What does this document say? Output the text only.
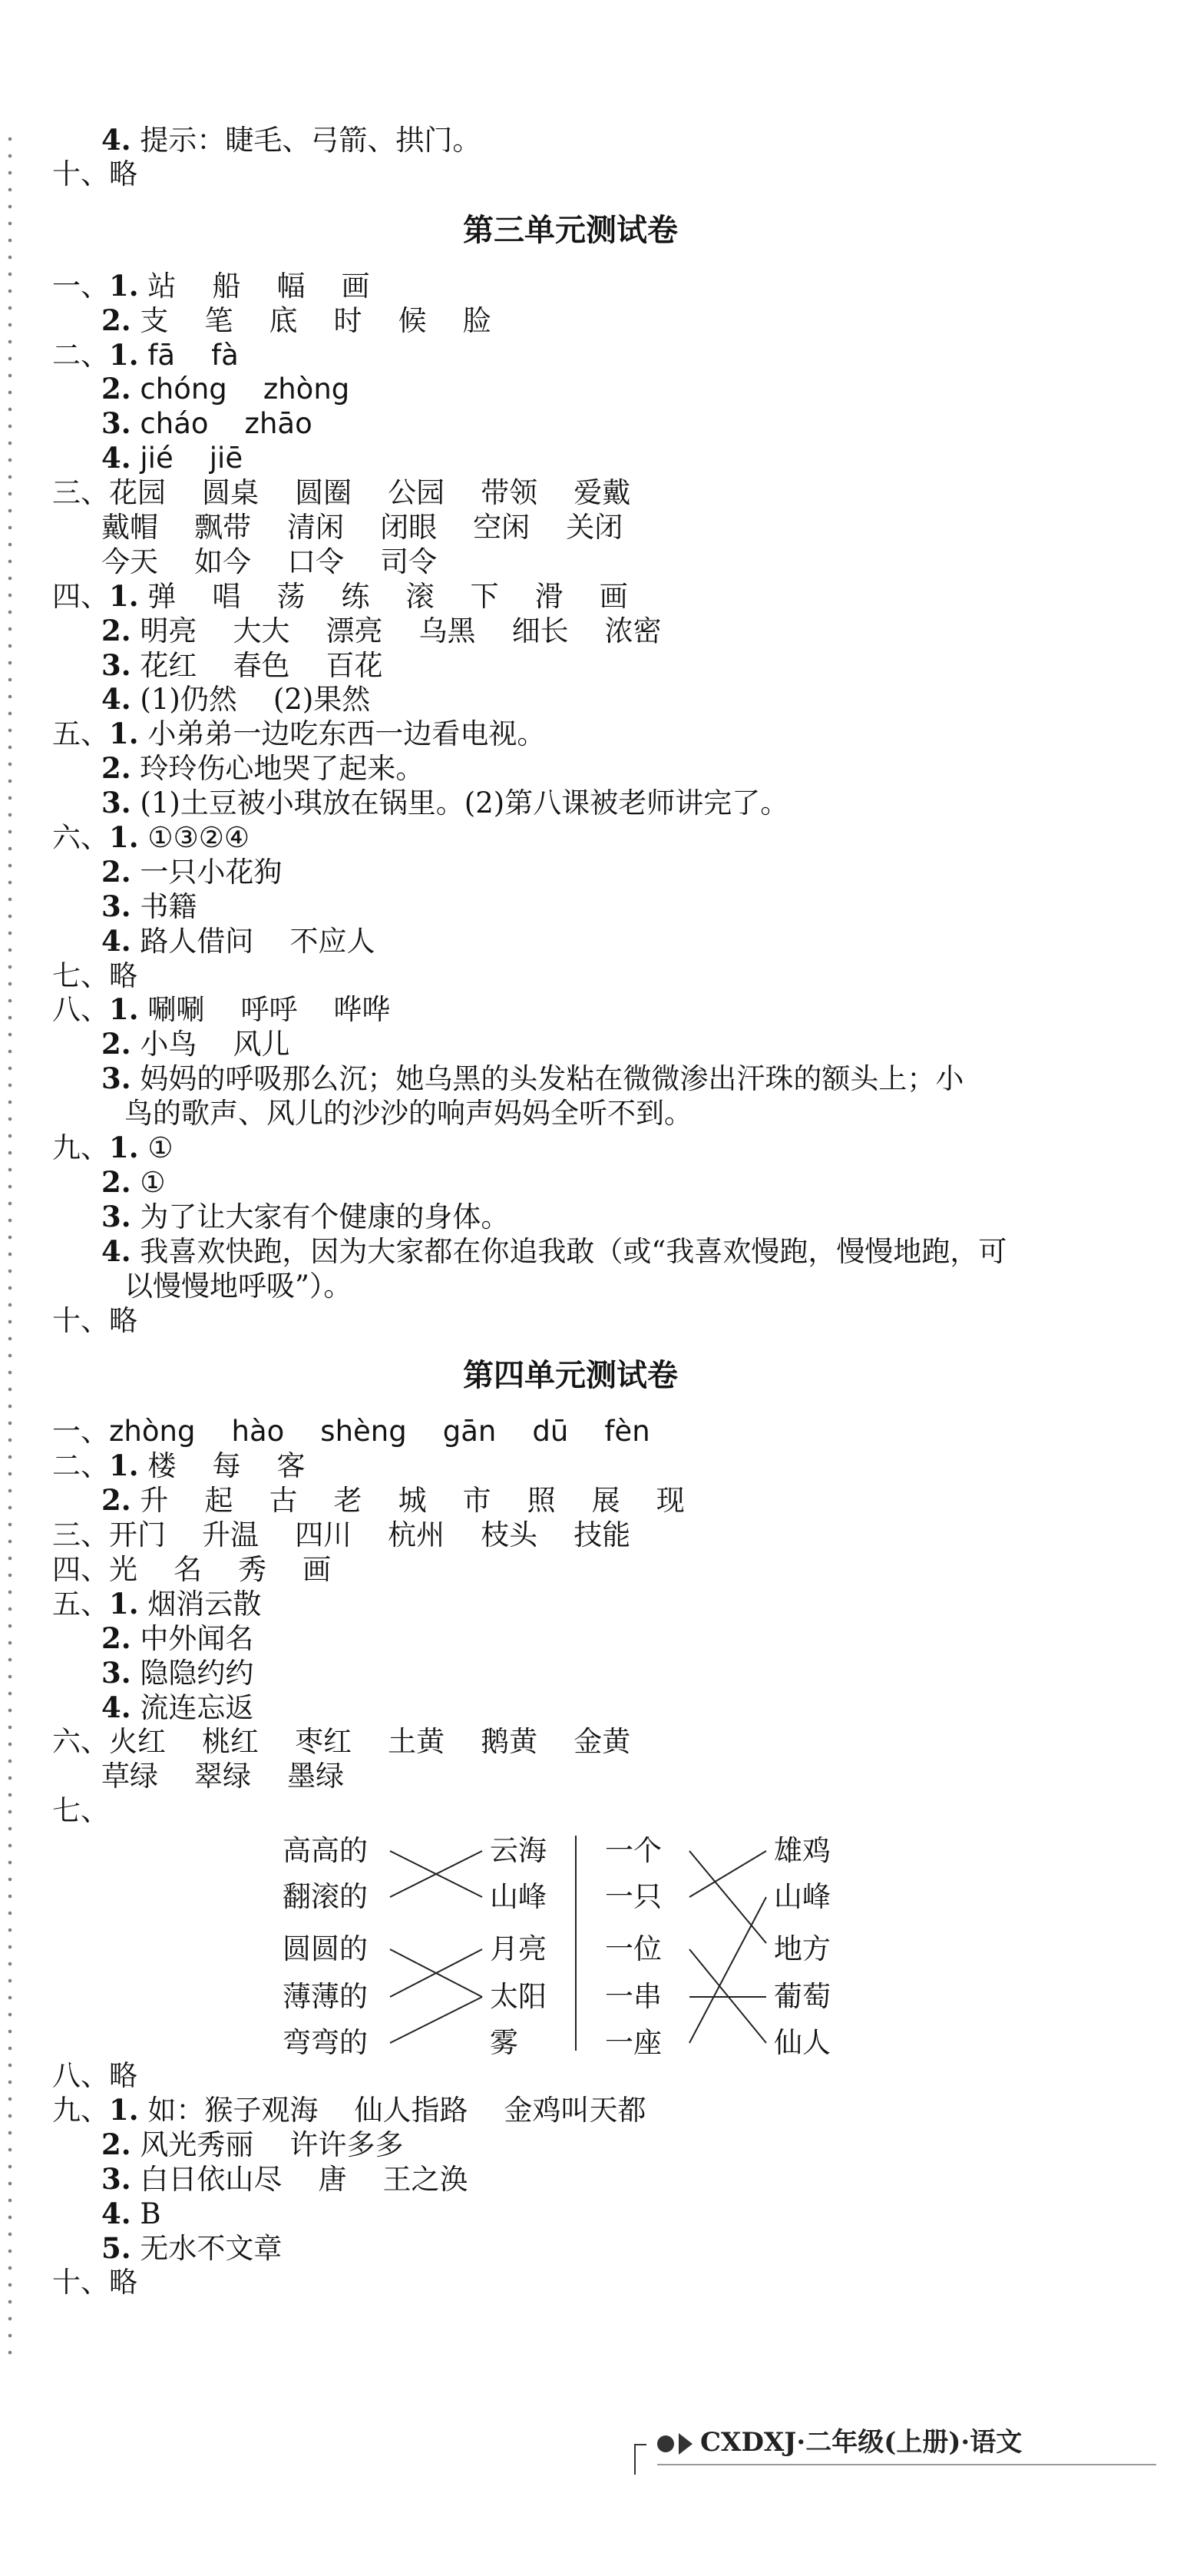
4. 提示：睫毛、弓箭、拱门。
十、略
第三单元测试卷
一、1. 站    船    幅    画
2. 支    笔    底    时    候    脸
二、1. fā    fà
2. chóng    zhòng
3. cháo    zhāo
4. jié    jiē
三、花园    圆桌    圆圈    公园    带领    爱戴
戴帽    飘带    清闲    闭眼    空闲    关闭
今天    如今    口令    司令
四、1. 弹    唱    荡    练    滚    下    滑    画
2. 明亮    大大    漂亮    乌黑    细长    浓密
3. 花红    春色    百花
4. (1)仍然    (2)果然
五、1. 小弟弟一边吃东西一边看电视。
2. 玲玲伤心地哭了起来。
3. (1)土豆被小琪放在锅里。(2)第八课被老师讲完了。
六、1. ①③②④
2. 一只小花狗
3. 书籍
4. 路人借问    不应人
七、略
八、1. 唰唰    呼呼    哗哗
2. 小鸟    风儿
3. 妈妈的呼吸那么沉；她乌黑的头发粘在微微渗出汗珠的额头上；小
鸟的歌声、风儿的沙沙的响声妈妈全听不到。
九、1. ①
2. ①
3. 为了让大家有个健康的身体。
4. 我喜欢快跑，因为大家都在你追我敢（或“我喜欢慢跑，慢慢地跑，可
以慢慢地呼吸”）。
十、略
第四单元测试卷
一、zhòng    hào    shèng    gān    dū    fèn
二、1. 楼    每    客
2. 升    起    古    老    城    市    照    展    现
三、开门    升温    四川    杭州    枝头    技能
四、光    名    秀    画
五、1. 烟消云散
2. 中外闻名
3. 隐隐约约
4. 流连忘返
六、火红    桃红    枣红    土黄    鹅黄    金黄
草绿    翠绿    墨绿
七、
高高的
翻滚的
圆圆的
薄薄的
弯弯的
云海
山峰
月亮
太阳
雾
一个
一只
一位
一串
一座
雄鸡
山峰
地方
葡萄
仙人
八、略
九、1. 如：猴子观海    仙人指路    金鸡叫天都
2. 风光秀丽    许许多多
3. 白日依山尽    唐    王之涣
4. B
5. 无水不文章
十、略
CXDXJ·二年级(上册)·语文
